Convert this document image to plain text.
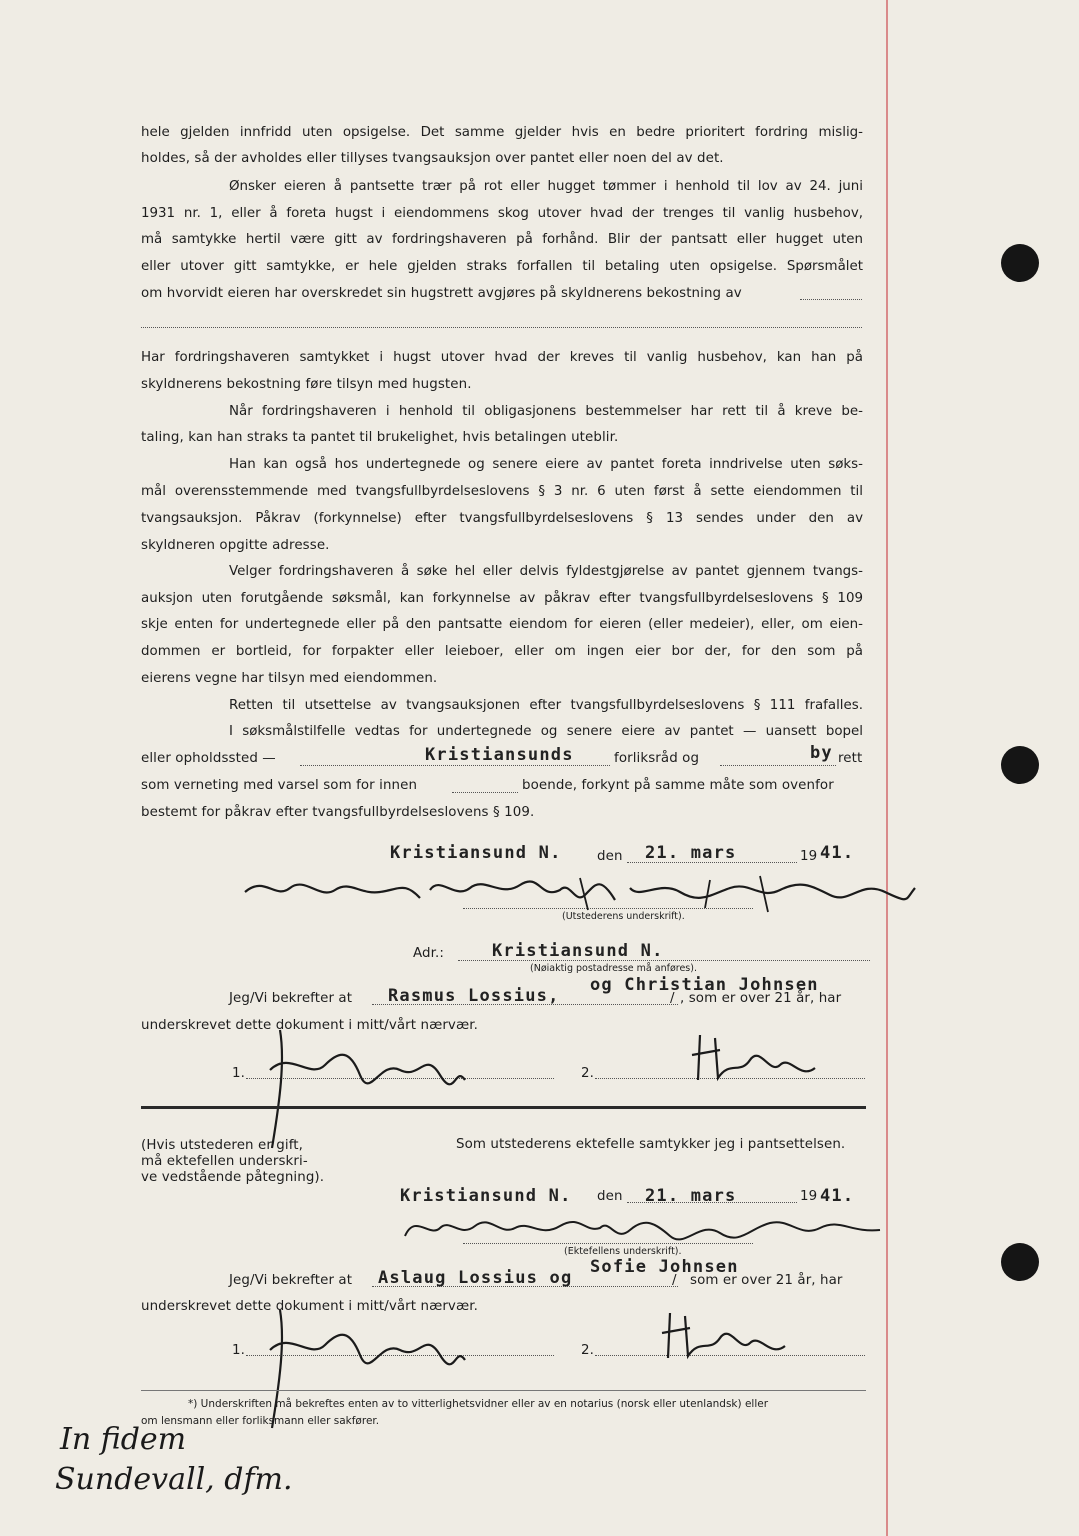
hele gjelden innfridd uten opsigelse. Det samme gjelder hvis en bedre prioritert fordring mislig-
holdes, så der avholdes eller tillyses tvangsauksjon over pantet eller noen del av det.
Ønsker eieren å pantsette trær på rot eller hugget tømmer i henhold til lov av 24. juni
1931 nr. 1, eller å foreta hugst i eiendommens skog utover hvad der trenges til vanlig husbehov,
må samtykke hertil være gitt av fordringshaveren på forhånd. Blir der pantsatt eller hugget uten
eller utover gitt samtykke, er hele gjelden straks forfallen til betaling uten opsigelse. Spørsmålet
om hvorvidt eieren har overskredet sin hugstrett avgjøres på skyldnerens bekostning av
Har fordringshaveren samtykket i hugst utover hvad der kreves til vanlig husbehov, kan han på
skyldnerens bekostning føre tilsyn med hugsten.
Når fordringshaveren i henhold til obligasjonens bestemmelser har rett til å kreve be-
taling, kan han straks ta pantet til brukelighet, hvis betalingen uteblir.
Han kan også hos undertegnede og senere eiere av pantet foreta inndrivelse uten søks-
mål overensstemmende med tvangsfullbyrdelseslovens § 3 nr. 6 uten først å sette eiendommen til
tvangsauksjon. Påkrav (forkynnelse) efter tvangsfullbyrdelseslovens § 13 sendes under den av
skyldneren opgitte adresse.
Velger fordringshaveren å søke hel eller delvis fyldestgjørelse av pantet gjennem tvangs-
auksjon uten forutgående søksmål, kan forkynnelse av påkrav efter tvangsfullbyrdelseslovens § 109
skje enten for undertegnede eller på den pantsatte eiendom for eieren (eller medeier), eller, om eien-
dommen er bortleid, for forpakter eller leieboer, eller om ingen eier bor der, for den som på
eierens vegne har tilsyn med eiendommen.
Retten til utsettelse av tvangsauksjonen efter tvangsfullbyrdelseslovens § 111 frafalles.
I søksmålstilfelle vedtas for undertegnede og senere eiere av pantet — uansett bopel
eller opholdssted —	Kristiansunds	forliksråd og	by rett
som verneting med varsel som for innen	boende, forkynt på samme måte som ovenfor
bestemt for påkrav efter tvangsfullbyrdelseslovens § 109.
Kristiansund N.	den 21. mars	19 41.
(Utstederens underskrift).
Adr.:	Kristiansund N.
(Nøiaktig postadresse må anføres).
og Christian Johnsen
Jeg/Vi bekrefter at Rasmus Lossius,	/ , som er over 21 år, har
underskrevet dette dokument i mitt/vårt nærvær.
1.	2.
(Hvis utstederen er gift,
må ektefellen underskri-
ve vedstående påtegning).
Som utstederens ektefelle samtykker jeg i pantsettelsen.
Kristiansund N. den 21. mars	19 41.
(Ektefellens underskrift).
Sofie Johnsen
Jeg/Vi bekrefter at Aslaug Lossius og	/ som er over 21 år, har
underskrevet dette dokument i mitt/vårt nærvær.
1.	2.
*) Underskriften må bekreftes enten av to vitterlighetsvidner eller av en notarius (norsk eller utenlandsk) eller
om lensmann eller forliksmann eller sakfører.
In fidem
Sundevall, dfm.
